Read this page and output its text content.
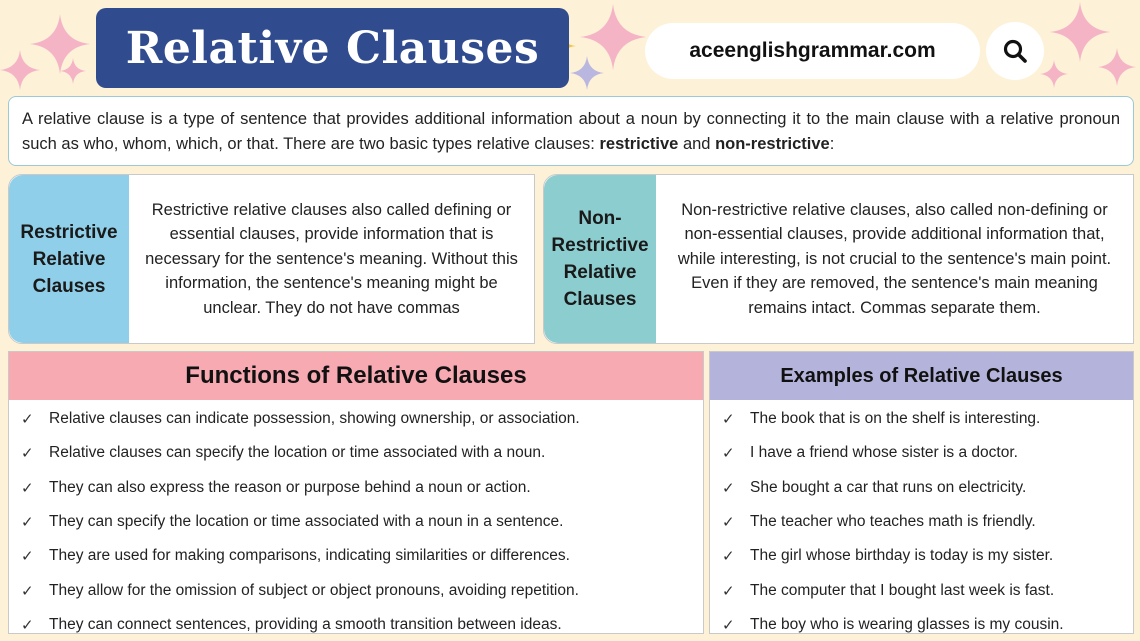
Relative Clauses	aceenglishgrammar.com
A relative clause is a type of sentence that provides additional information about a noun by connecting it to the main clause with a relative pronoun such as who, whom, which, or that. There are two basic types relative clauses: restrictive and non-restrictive:
Restrictive Relative Clauses
Restrictive relative clauses also called defining or essential clauses, provide information that is necessary for the sentence's meaning. Without this information, the sentence's meaning might be unclear. They do not have commas
Non-Restrictive Relative Clauses
Non-restrictive relative clauses, also called non-defining or non-essential clauses, provide additional information that, while interesting, is not crucial to the sentence's main point. Even if they are removed, the sentence's main meaning remains intact. Commas separate them.
Functions of Relative Clauses
✓ Relative clauses can indicate possession, showing ownership, or association.
✓ Relative clauses can specify the location or time associated with a noun.
✓ They can also express the reason or purpose behind a noun or action.
✓ They can specify the location or time associated with a noun in a sentence.
✓ They are used for making comparisons, indicating similarities or differences.
✓ They allow for the omission of subject or object pronouns, avoiding repetition.
✓ They can connect sentences, providing a smooth transition between ideas.
Examples of Relative Clauses
✓ The book that is on the shelf is interesting.
✓ I have a friend whose sister is a doctor.
✓ She bought a car that runs on electricity.
✓ The teacher who teaches math is friendly.
✓ The girl whose birthday is today is my sister.
✓ The computer that I bought last week is fast.
✓ The boy who is wearing glasses is my cousin.
